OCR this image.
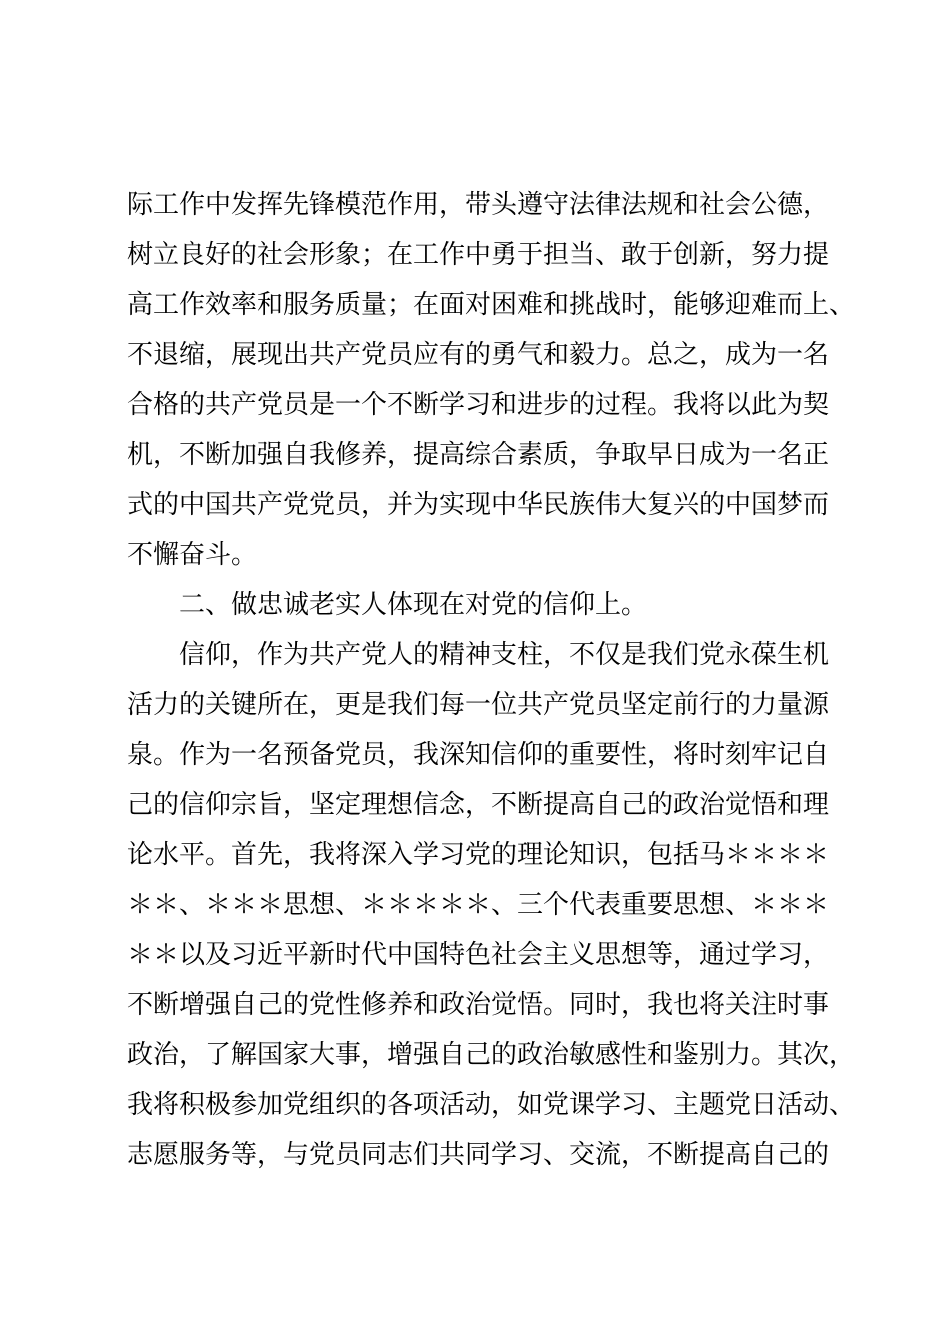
际工作中发挥先锋模范作用，带头遵守法律法规和社会公德，
树立良好的社会形象；在工作中勇于担当、敢于创新，努力提
高工作效率和服务质量；在面对困难和挑战时，能够迎难而上、
不退缩，展现出共产党员应有的勇气和毅力。总之，成为一名
合格的共产党员是一个不断学习和进步的过程。我将以此为契
机，不断加强自我修养，提高综合素质，争取早日成为一名正
式的中国共产党党员，并为实现中华民族伟大复兴的中国梦而
不懈奋斗。
二、做忠诚老实人体现在对党的信仰上。
信仰，作为共产党人的精神支柱，不仅是我们党永葆生机
活力的关键所在，更是我们每一位共产党员坚定前行的力量源
泉。作为一名预备党员，我深知信仰的重要性，将时刻牢记自
己的信仰宗旨，坚定理想信念，不断提高自己的政治觉悟和理
论水平。首先，我将深入学习党的理论知识，包括马＊＊＊＊
＊＊、＊＊＊思想、＊＊＊＊＊、三个代表重要思想、＊＊＊
＊＊以及习近平新时代中国特色社会主义思想等，通过学习，
不断增强自己的党性修养和政治觉悟。同时，我也将关注时事
政治，了解国家大事，增强自己的政治敏感性和鉴别力。其次，
我将积极参加党组织的各项活动，如党课学习、主题党日活动、
志愿服务等，与党员同志们共同学习、交流，不断提高自己的
